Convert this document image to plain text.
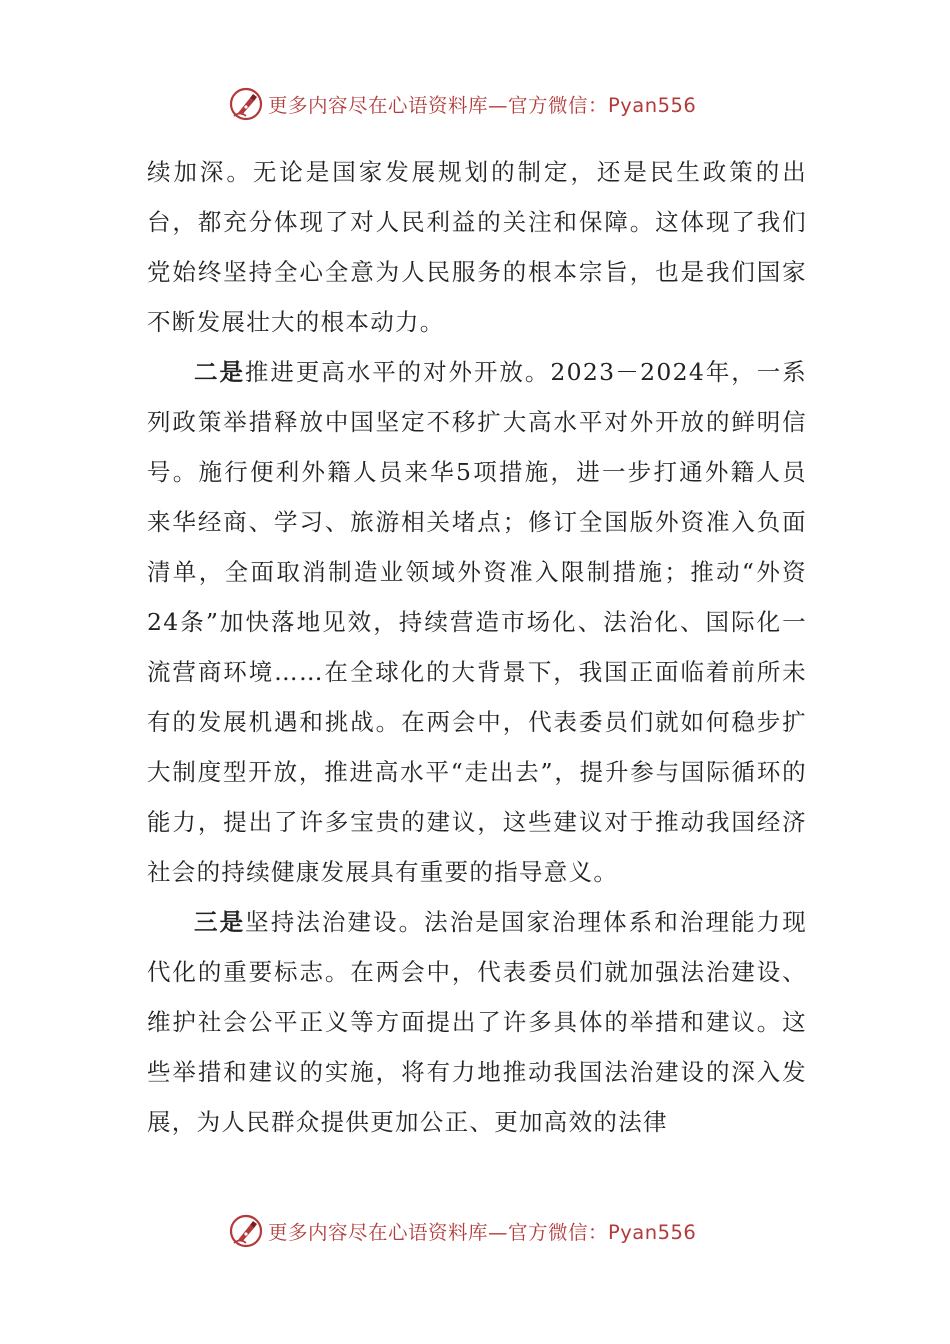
更多内容尽在心语资料库—官方微信：Pyan556

续加深。无论是国家发展规划的制定，还是民生政策的出台，都充分体现了对人民利益的关注和保障。这体现了我们党始终坚持全心全意为人民服务的根本宗旨，也是我们国家不断发展壮大的根本动力。

二是推进更高水平的对外开放。2023－2024年，一系列政策举措释放中国坚定不移扩大高水平对外开放的鲜明信号。施行便利外籍人员来华5项措施，进一步打通外籍人员来华经商、学习、旅游相关堵点；修订全国版外资准入负面清单，全面取消制造业领域外资准入限制措施；推动“外资24条”加快落地见效，持续营造市场化、法治化、国际化一流营商环境……在全球化的大背景下，我国正面临着前所未有的发展机遇和挑战。在两会中，代表委员们就如何稳步扩大制度型开放，推进高水平“走出去”，提升参与国际循环的能力，提出了许多宝贵的建议，这些建议对于推动我国经济社会的持续健康发展具有重要的指导意义。

三是坚持法治建设。法治是国家治理体系和治理能力现代化的重要标志。在两会中，代表委员们就加强法治建设、维护社会公平正义等方面提出了许多具体的举措和建议。这些举措和建议的实施，将有力地推动我国法治建设的深入发展，为人民群众提供更加公正、更加高效的法律

更多内容尽在心语资料库—官方微信：Pyan556
